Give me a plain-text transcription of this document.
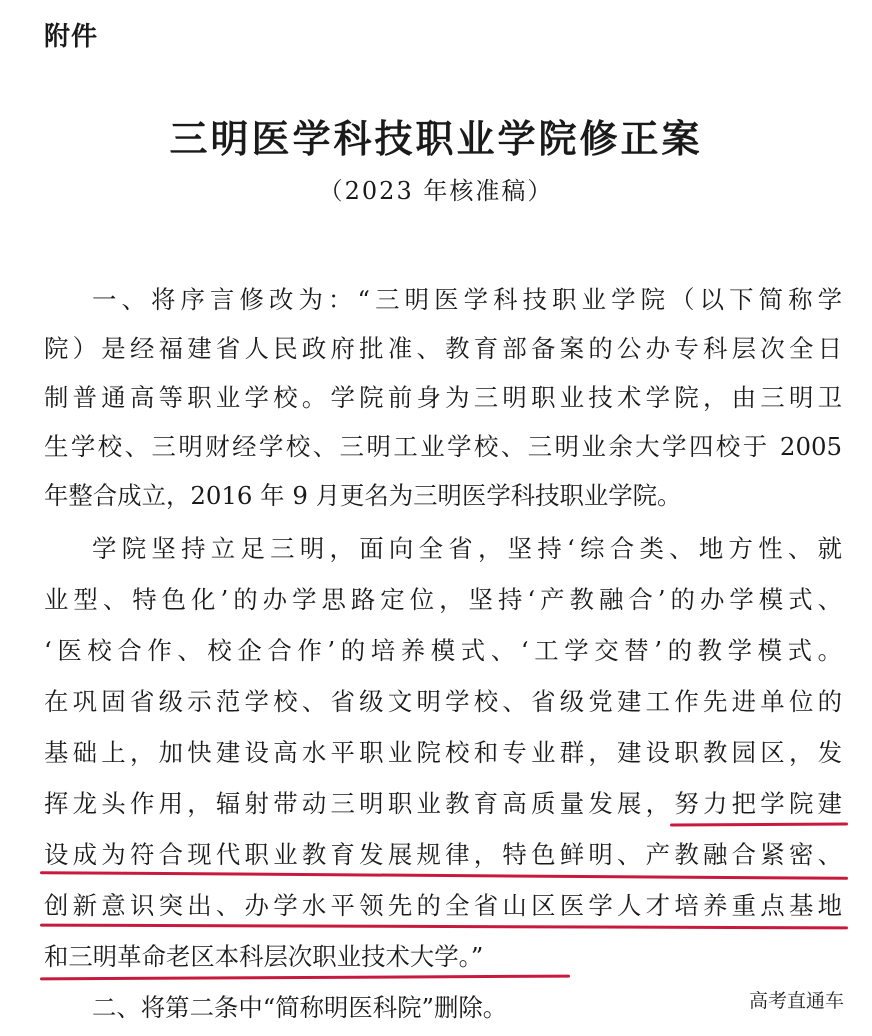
附件
三明医学科技职业学院修正案
（2023 年核准稿）
一、将序言修改为：“三明医学科技职业学院（以下简称学
院）是经福建省人民政府批准、教育部备案的公办专科层次全日
制普通高等职业学校。学院前身为三明职业技术学院，由三明卫
生学校、三明财经学校、三明工业学校、三明业余大学四校于 2005
年整合成立，2016 年 9 月更名为三明医学科技职业学院。
学院坚持立足三明，面向全省，坚持‘综合类、地方性、就
业型、特色化’的办学思路定位，坚持‘产教融合’的办学模式、
‘医校合作、校企合作’的培养模式、‘工学交替’的教学模式。
在巩固省级示范学校、省级文明学校、省级党建工作先进单位的
基础上，加快建设高水平职业院校和专业群，建设职教园区，发
挥龙头作用，辐射带动三明职业教育高质量发展，努力把学院建
设成为符合现代职业教育发展规律，特色鲜明、产教融合紧密、
创新意识突出、办学水平领先的全省山区医学人才培养重点基地
和三明革命老区本科层次职业技术大学。”
二、将第二条中“简称明医科院”删除。	高考直通车
